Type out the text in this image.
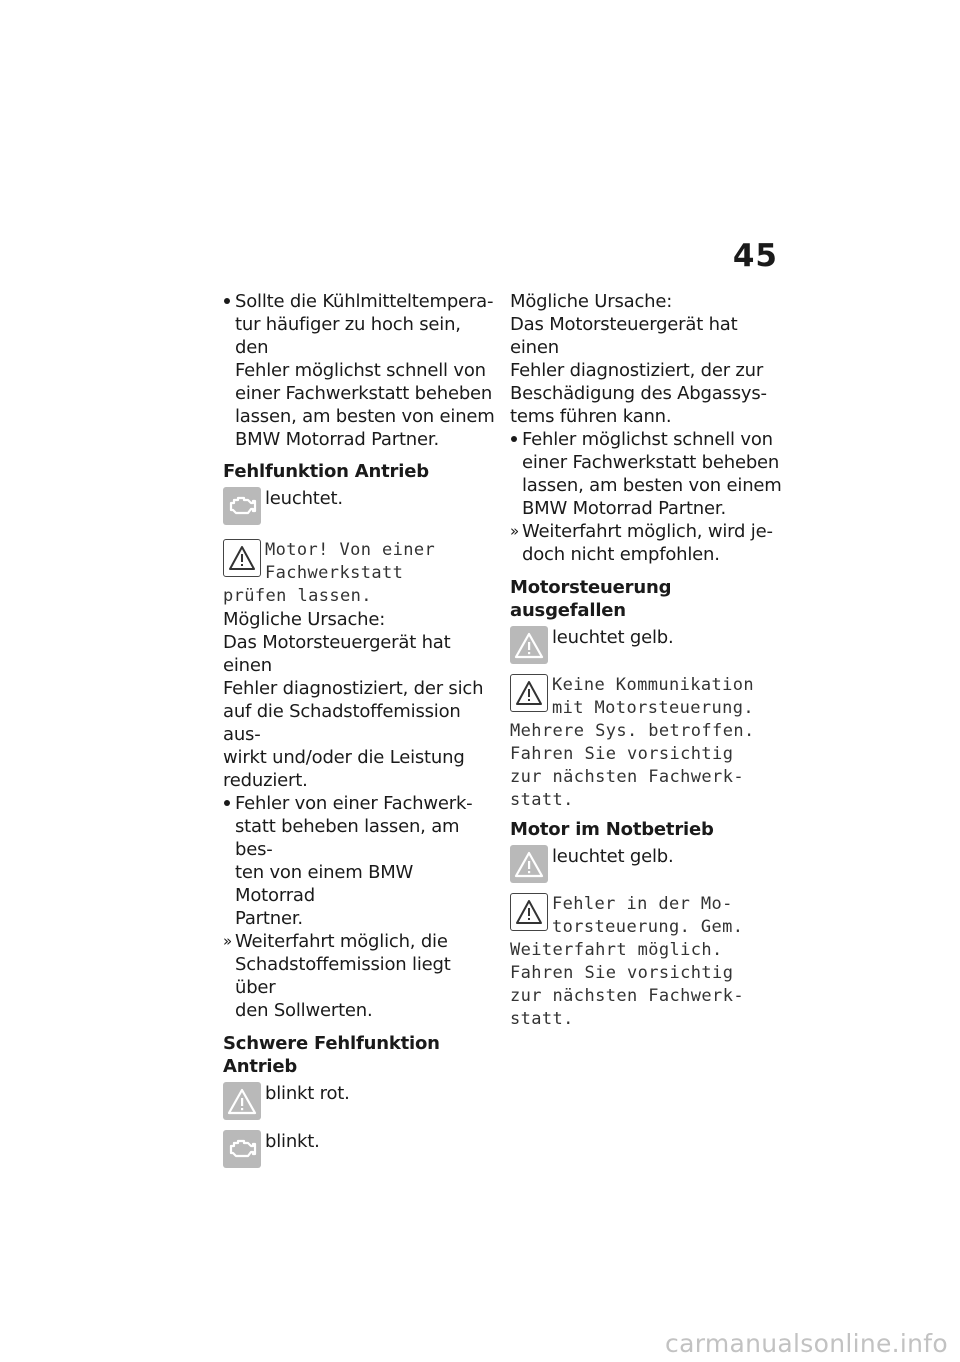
45
Sollte die Kühlmitteltempera-
tur häufiger zu hoch sein, den
Fehler möglichst schnell von
einer Fachwerkstatt beheben
lassen, am besten von einem
BMW Motorrad Partner.
Fehlfunktion Antrieb
leuchtet.
Motor! Von einer
Fachwerkstatt
prüfen lassen.
Mögliche Ursache:
Das Motorsteuergerät hat einen
Fehler diagnostiziert, der sich
auf die Schadstoffemission aus-
wirkt und/oder die Leistung
reduziert.
Fehler von einer Fachwerk-
statt beheben lassen, am bes-
ten von einem BMW Motorrad
Partner.
» Weiterfahrt möglich, die
Schadstoffemission liegt über
den Sollwerten.
Schwere Fehlfunktion Antrieb
blinkt rot.
blinkt.
Mögliche Ursache:
Das Motorsteuergerät hat einen
Fehler diagnostiziert, der zur
Beschädigung des Abgassys-
tems führen kann.
Fehler möglichst schnell von
einer Fachwerkstatt beheben
lassen, am besten von einem
BMW Motorrad Partner.
» Weiterfahrt möglich, wird je-
doch nicht empfohlen.
Motorsteuerung ausgefallen
leuchtet gelb.
Keine Kommunikation
mit Motorsteuerung.
Mehrere Sys. betroffen.
Fahren Sie vorsichtig
zur nächsten Fachwerk-
statt.
Motor im Notbetrieb
leuchtet gelb.
Fehler in der Mo-
torsteuerung. Gem.
Weiterfahrt möglich.
Fahren Sie vorsichtig
zur nächsten Fachwerk-
statt.
carmanualsonline.info
